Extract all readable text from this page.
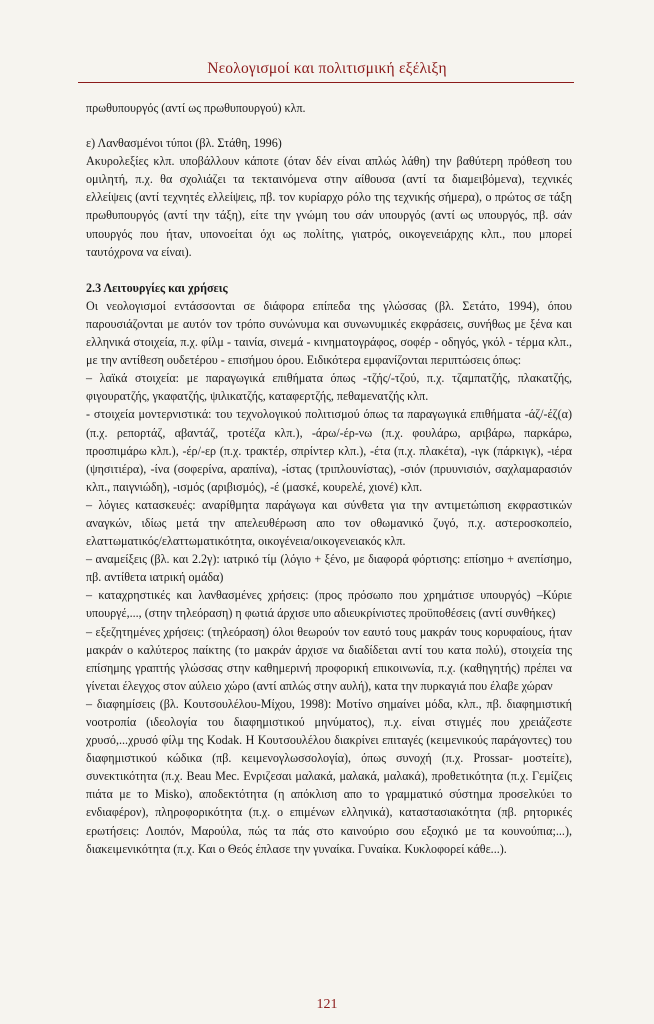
Νεολογισμοί και πολιτισμική εξέλιξη

πρωθυπουργός (αντί ως πρωθυπουργού) κλπ.

ε) Λανθασμένοι τύποι (βλ. Στάθη, 1996)

Ακυρολεξίες κλπ. υποβάλλουν κάποτε (όταν δέν είναι απλώς λάθη) την βαθύτερη πρόθεση του ομιλητή, π.χ. θα σχολιάζει τα τεκταινόμενα στην αίθουσα (αντί τα διαμειβόμενα), τεχνικές ελλείψεις (αντί τεχνητές ελλείψεις, πβ. τον κυρίαρχο ρόλο της τεχνικής σήμερα), ο πρώτος σε τάξη πρωθυπουργός (αντί την τάξη), είτε την γνώμη του σάν υπουργός (αντί ως υπουργός, πβ. σάν υπουργός που ήταν, υπονοείται όχι ως πολίτης, γιατρός, οικογενειάρχης κλπ., που μπορεί ταυτόχρονα να είναι).

2.3 Λειτουργίες και χρήσεις

Οι νεολογισμοί εντάσσονται σε διάφορα επίπεδα της γλώσσας (βλ. Σετάτο, 1994), όπου παρουσιάζονται με αυτόν τον τρόπο συνώνυμα και συνωνυμικές εκφράσεις, συνήθως με ξένα και ελληνικά στοιχεία, π.χ. φίλμ - ταινία, σινεμά - κινηματογράφος, σοφέρ - οδηγός, γκόλ - τέρμα κλπ., με την αντίθεση ουδετέρου - επισήμου όρου. Ειδικότερα εμφανίζονται περιπτώσεις όπως:

– λαϊκά στοιχεία: με παραγωγικά επιθήματα όπως -τζής/-τζού, π.χ. τζαμπατζής, πλακατζής, φιγουρατζής, γκαφατζής, ψιλικατζής, καταφερτζής, πεθαμενατζής κλπ.

- στοιχεία μοντερνιστικά: του τεχνολογικού πολιτισμού όπως τα παραγωγικά επιθήματα -άζ/-έζ(α) (π.χ. ρεπορτάζ, αβαντάζ, τροτέζα κλπ.), -άρω/-έρ-νω (π.χ. φουλάρω, αριβάρω, παρκάρω, προσπιμάρω κλπ.), -έρ/-ερ (π.χ. τρακτέρ, σπρίντερ κλπ.), -έτα (π.χ. πλακέτα), -ιγκ (πάρκιγκ), -ιέρα (ψησιτιέρα), -ίνα (σοφερίνα, αραπίνα), -ίστας (τριπλουνίστας), -σιόν (πρυυνισιόν, σαχλαμαρασιόν κλπ., παιγνιώδη), -ισμός (αριβισμός), -έ (μασκέ, κουρελέ, χιονέ) κλπ.

– λόγιες κατασκευές: αναρίθμητα παράγωγα και σύνθετα για την αντιμετώπιση εκφραστικών αναγκών, ιδίως μετά την απελευθέρωση απο τον οθωμανικό ζυγό, π.χ. αστεροσκοπείο, ελαττωματικός/ελαττωματικότητα, οικογένεια/οικογενειακός κλπ.

– αναμείξεις (βλ. και 2.2γ): ιατρικό τίμ (λόγιο + ξένο, με διαφορά φόρτισης: επίσημο + ανεπίσημο, πβ. αντίθετα ιατρική ομάδα)

– καταχρηστικές και λανθασμένες χρήσεις: (προς πρόσωπο που χρημάτισε υπουργός) –Κύριε υπουργέ,..., (στην τηλεόραση) η φωτιά άρχισε υπο αδιευκρίνιστες προϋποθέσεις (αντί συνθήκες)

– εξεζητημένες χρήσεις: (τηλεόραση) όλοι θεωρούν τον εαυτό τους μακράν τους κορυφαίους, ήταν μακράν ο καλύτερος παίκτης (το μακράν άρχισε να διαδίδεται αντί του κατα πολύ), στοιχεία της επίσημης γραπτής γλώσσας στην καθημερινή προφορική επικοινωνία, π.χ. (καθηγητής) πρέπει να γίνεται έλεγχος στον αύλειο χώρο (αντί απλώς στην αυλή), κατα την πυρκαγιά που έλαβε χώραν

– διαφημίσεις (βλ. Κουτσουλέλου-Μίχου, 1998): Μοτίνο σημαίνει μόδα, κλπ., πβ. διαφημιστική νοοτροπία (ιδεολογία του διαφημιστικού μηνύματος), π.χ. είναι στιγμές που χρειάζεστε χρυσό,...χρυσό φίλμ της Kodak. Η Κουτσουλέλου διακρίνει επιταγές (κειμενικούς παράγοντες) του διαφημιστικού κώδικα (πβ. κειμενογλωσσολογία), όπως συνοχή (π.χ. Prossar- μοστείτε), συνεκτικότητα (π.χ. Beau Mec. Ενριζεσαι μαλακά, μαλακά, μαλακά), προθετικότητα (π.χ. Γεμίζεις πιάτα με το Misko), αποδεκτότητα (η απόκλιση απο το γραμματικό σύστημα προσελκύει το ενδιαφέρον), πληροφορικότητα (π.χ. ο επιμένων ελληνικά), καταστασιακότητα (πβ. ρητορικές ερωτήσεις: Λοιπόν, Μαρούλα, πώς τα πάς στο καινούριο σου εξοχικό με τα κουνούπια;...), διακειμενικότητα (π.χ. Και ο Θεός έπλασε την γυναίκα. Γυναίκα. Κυκλοφορεί κάθε...).

121
